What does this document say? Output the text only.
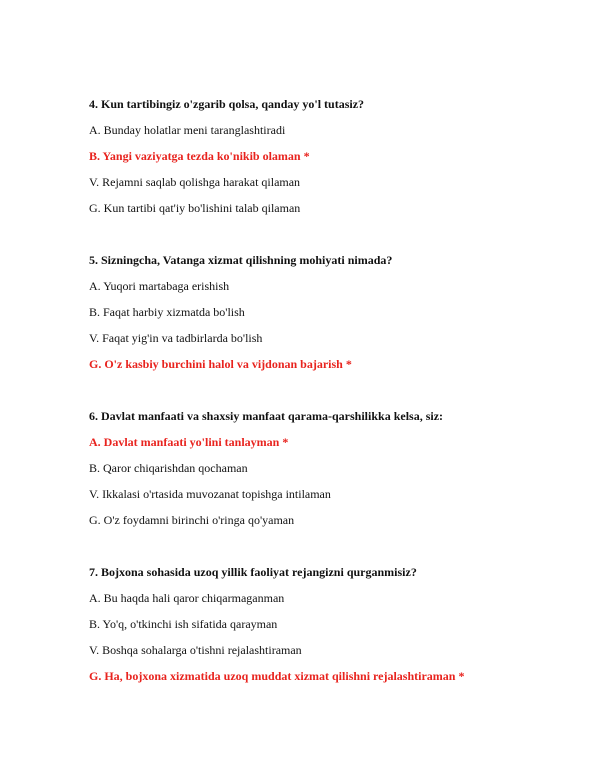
4. Kun tartibingiz o'zgarib qolsa, qanday yo'l tutasiz?

A. Bunday holatlar meni taranglashtiradi

B. Yangi vaziyatga tezda ko'nikib olaman *

V. Rejamni saqlab qolishga harakat qilaman

G. Kun tartibi qat'iy bo'lishini talab qilaman

5. Sizningcha, Vatanga xizmat qilishning mohiyati nimada?

A. Yuqori martabaga erishish

B. Faqat harbiy xizmatda bo'lish

V. Faqat yig'in va tadbirlarda bo'lish

G. O'z kasbiy burchini halol va vijdonan bajarish *

6. Davlat manfaati va shaxsiy manfaat qarama-qarshilikka kelsa, siz:

A. Davlat manfaati yo'lini tanlayman *

B. Qaror chiqarishdan qochaman

V. Ikkalasi o'rtasida muvozanat topishga intilaman

G. O'z foydamni birinchi o'ringa qo'yaman

7. Bojxona sohasida uzoq yillik faoliyat rejangizni qurganmisiz?

A. Bu haqda hali qaror chiqarmaganman

B. Yo'q, o'tkinchi ish sifatida qarayman

V. Boshqa sohalarga o'tishni rejalashtiraman

G. Ha, bojxona xizmatida uzoq muddat xizmat qilishni rejalashtiraman *
